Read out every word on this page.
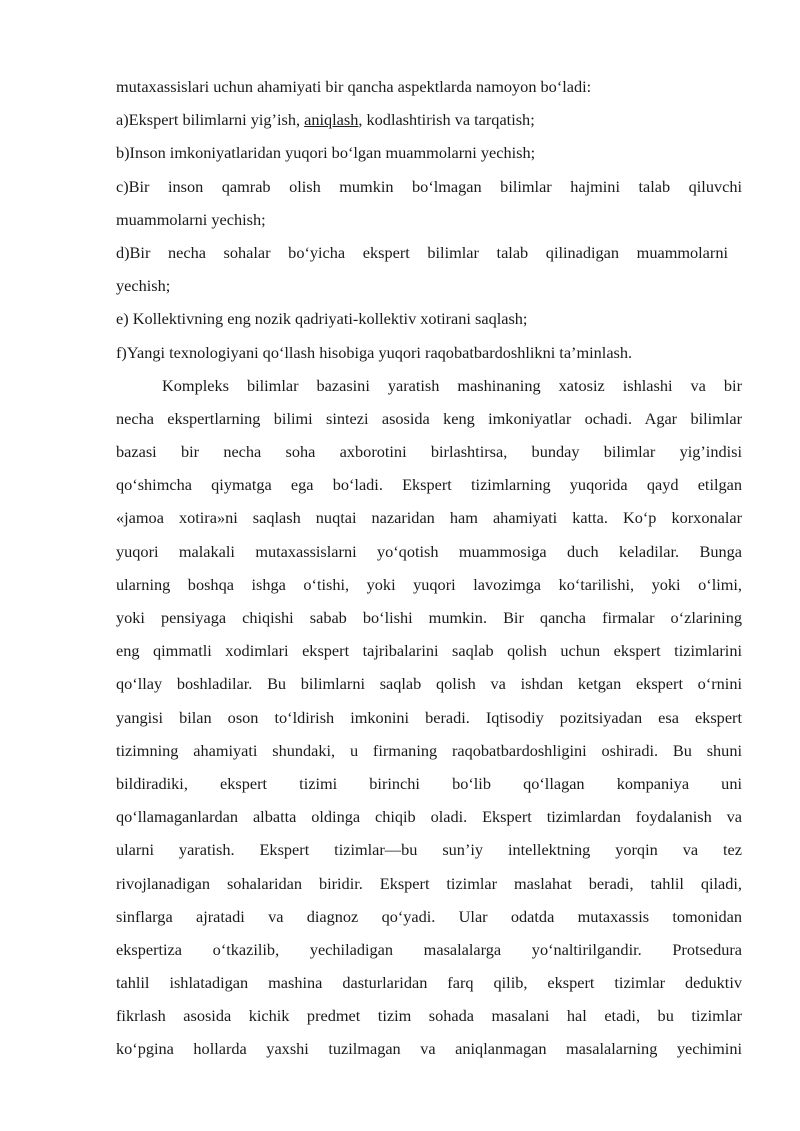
mutaxassislari uchun ahamiyati bir qancha aspektlarda namoyon boʻladi:
a)Ekspert bilimlarni yig’ish, aniqlash, kodlashtirish va tarqatish;
b)Inson imkoniyatlaridan yuqori boʻlgan muammolarni yechish;
c)Bir inson qamrab olish mumkin boʻlmagan bilimlar hajmini talab qiluvchi
muammolarni yechish;
d)Bir necha sohalar boʻyicha ekspert bilimlar talab qilinadigan muammolarni
yechish;
e) Kollektivning eng nozik qadriyati-kollektiv xotirani saqlash;
f)Yangi texnologiyani qoʻllash hisobiga yuqori raqobatbardoshlikni ta’minlash.
Kompleks bilimlar bazasini yaratish mashinaning xatosiz ishlashi va bir
necha ekspertlarning bilimi sintezi asosida keng imkoniyatlar ochadi. Agar bilimlar
bazasi bir necha soha axborotini birlashtirsa, bunday bilimlar yig’indisi
qoʻshimcha qiymatga ega boʻladi. Ekspert tizimlarning yuqorida qayd etilgan
«jamoa xotira»ni saqlash nuqtai nazaridan ham ahamiyati katta. Koʻp korxonalar
yuqori malakali mutaxassislarni yoʻqotish muammosiga duch keladilar. Bunga
ularning boshqa ishga oʻtishi, yoki yuqori lavozimga koʻtarilishi, yoki oʻlimi,
yoki pensiyaga chiqishi sabab boʻlishi mumkin. Bir qancha firmalar oʻzlarining
eng qimmatli xodimlari ekspert tajribalarini saqlab qolish uchun ekspert tizimlarini
qoʻllay boshladilar. Bu bilimlarni saqlab qolish va ishdan ketgan ekspert oʻrnini
yangisi bilan oson toʻldirish imkonini beradi. Iqtisodiy pozitsiyadan esa ekspert
tizimning ahamiyati shundaki, u firmaning raqobatbardoshligini oshiradi. Bu shuni
bildiradiki, ekspert tizimi birinchi boʻlib qoʻllagan kompaniya uni
qoʻllamaganlardan albatta oldinga chiqib oladi. Ekspert tizimlardan foydalanish va
ularni yaratish. Ekspert tizimlar—bu sun’iy intellektning yorqin va tez
rivojlanadigan sohalaridan biridir. Ekspert tizimlar maslahat beradi, tahlil qiladi,
sinflarga ajratadi va diagnoz qoʻyadi. Ular odatda mutaxassis tomonidan
ekspertiza oʻtkazilib, yechiladigan masalalarga yoʻnaltirilgandir. Protsedura
tahlil ishlatadigan mashina dasturlaridan farq qilib, ekspert tizimlar deduktiv
fikrlash asosida kichik predmet tizim sohada masalani hal etadi, bu tizimlar
koʻpgina hollarda yaxshi tuzilmagan va aniqlanmagan masalalarning yechimini
